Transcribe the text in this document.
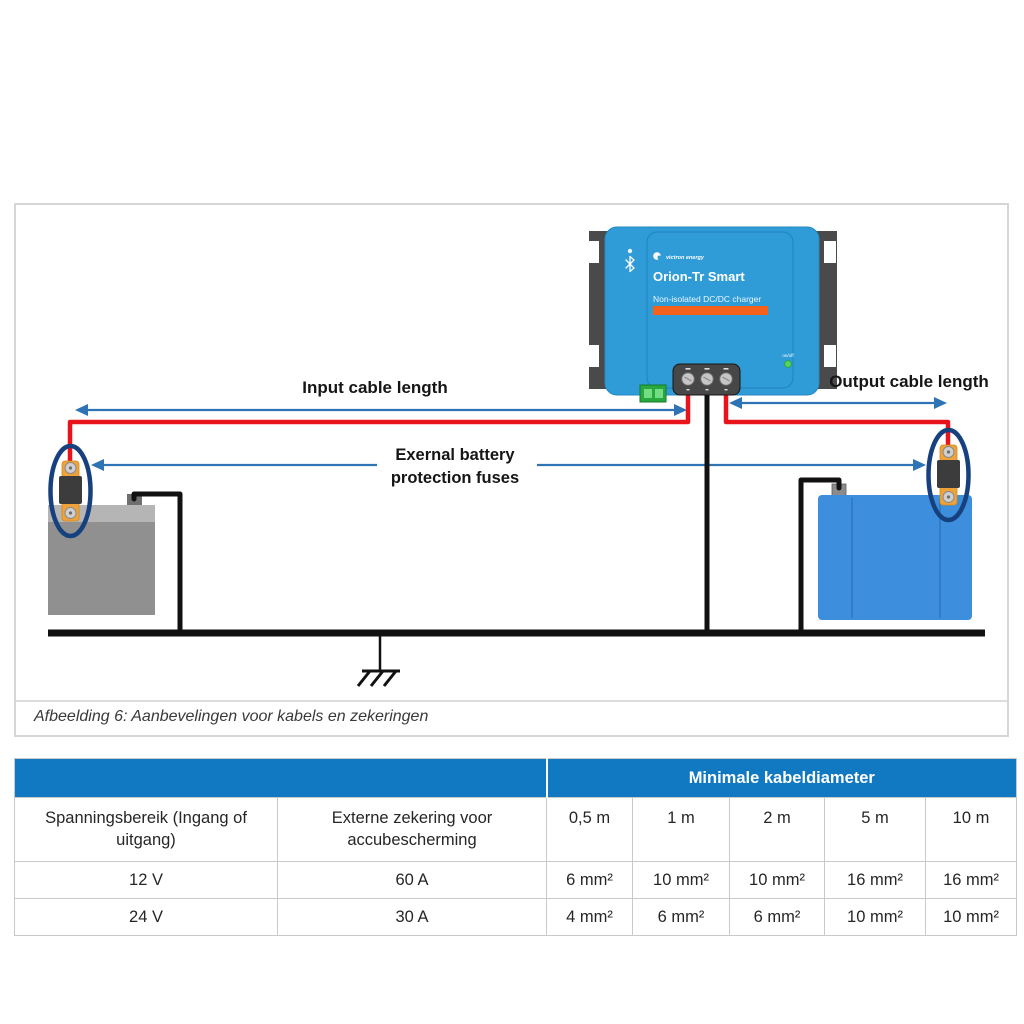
victron energy
Orion-Tr Smart
Non-isolated DC/DC charger
on/off
Input cable length	Output cable length
Exernal battery
protection fuses
Afbeelding 6: Aanbevelingen voor kabels en zekeringen
		Minimale kabeldiameter				
Spanningsbereik (Ingang of uitgang)	Externe zekering voor accubescherming	0,5 m	1 m	2 m	5 m	10 m
12 V	60 A	6 mm²	10 mm²	10 mm²	16 mm²	16 mm²
24 V	30 A	4 mm²	6 mm²	6 mm²	10 mm²	10 mm²
